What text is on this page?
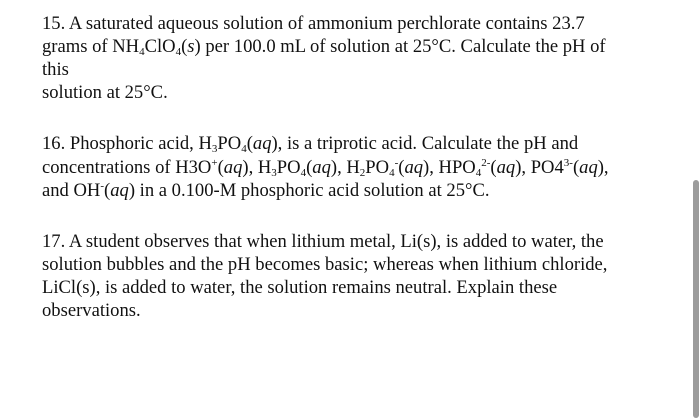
15. A saturated aqueous solution of ammonium perchlorate contains 23.7
grams of $NH_4ClO_4(s)$ per 100.0 mL of solution at 25°C. Calculate the pH of
this
solution at 25°C.
16. Phosphoric acid, $H_3PO_4(aq)$, is a triprotic acid. Calculate the pH and
concentrations of H3O+(aq), $H_3PO_4(aq)$, $H_2PO_4^-(aq)$, $HPO_4^{2-}(aq)$, $PO4^{3-}(aq)$,
and OH-(aq) in a 0.100-M phosphoric acid solution at 25°C.
17. A student observes that when lithium metal, Li(s), is added to water, the
solution bubbles and the pH becomes basic; whereas when lithium chloride,
LiCl(s), is added to water, the solution remains neutral. Explain these
observations.
